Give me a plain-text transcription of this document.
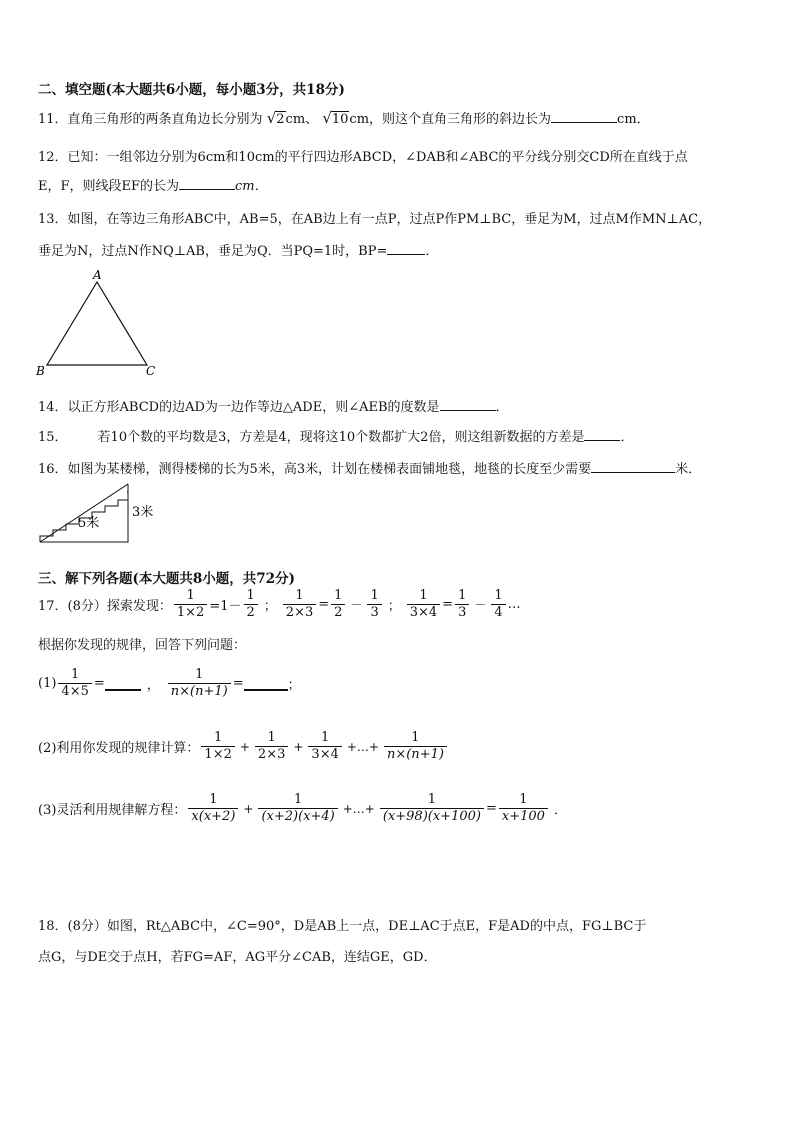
二、填空题(本大题共6小题，每小题3分，共18分)
11．直角三角形的两条直角边长分别为 √2cm、 √10cm，则这个直角三角形的斜边长为	cm．
12．已知：一组邻边分别为6cm和10cm的平行四边形ABCD，∠DAB和∠ABC的平分线分别交CD所在直线于点
E，F，则线段EF的长为	cm．
13．如图，在等边三角形ABC中，AB=5，在AB边上有一点P，过点P作PM⊥BC，垂足为M，过点M作MN⊥AC，
垂足为N，过点N作NQ⊥AB，垂足为Q．当PQ=1时，BP=	．
A
B	C
14．以正方形ABCD的边AD为一边作等边△ADE，则∠AEB的度数是	．
15． 若10个数的平均数是3，方差是4，现将这10个数都扩大2倍，则这组新数据的方差是	．
16．如图为某楼梯，测得楼梯的长为5米，高3米，计划在楼梯表面铺地毯，地毯的长度至少需要	米．
5米
3米
三、解下列各题(本大题共8小题，共72分)
17．(8分）探索发现： $\frac{1}{1\times 2} =1- \frac{1}{2}$ ； $\frac{1}{2\times 3} = \frac{1}{2} - \frac{1}{3}$ ； $\frac{1}{3\times 4} = \frac{1}{3} - \frac{1}{4}$ …
根据你发现的规律，回答下列问题：
$(1) \frac{1}{4\times 5}$ =	， $\frac{1}{n\times(n+1)}$ =	；
(2)利用你发现的规律计算： $\frac{1}{1\times 2} + \frac{1}{2\times 3} + \frac{1}{3\times 4}$ +…+ $\frac{1}{n\times(n+1)}$
(3)灵活利用规律解方程： $\frac{1}{x(x+2)} + \frac{1}{(x+2)(x+4)}$ +…+ $\frac{1}{(x+98)(x+100)} = \frac{1}{x+100}$ ．
18．(8分）如图，Rt△ABC中，∠C=90°，D是AB上一点，DE⊥AC于点E，F是AD的中点，FG⊥BC于
点G，与DE交于点H，若FG=AF，AG平分∠CAB，连结GE，GD．
